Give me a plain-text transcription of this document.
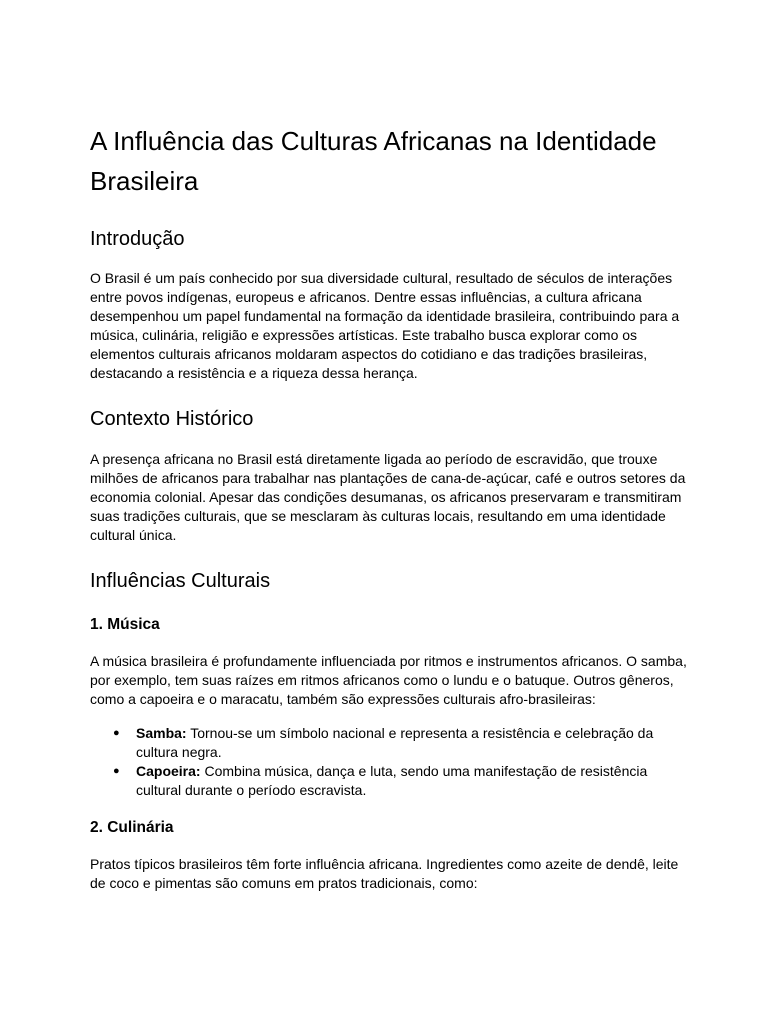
A Influência das Culturas Africanas na Identidade Brasileira
Introdução

O Brasil é um país conhecido por sua diversidade cultural, resultado de séculos de interações entre povos indígenas, europeus e africanos. Dentre essas influências, a cultura africana desempenhou um papel fundamental na formação da identidade brasileira, contribuindo para a música, culinária, religião e expressões artísticas. Este trabalho busca explorar como os elementos culturais africanos moldaram aspectos do cotidiano e das tradições brasileiras, destacando a resistência e a riqueza dessa herança.

Contexto Histórico

A presença africana no Brasil está diretamente ligada ao período de escravidão, que trouxe milhões de africanos para trabalhar nas plantações de cana-de-açúcar, café e outros setores da economia colonial. Apesar das condições desumanas, os africanos preservaram e transmitiram suas tradições culturais, que se mesclaram às culturas locais, resultando em uma identidade cultural única.

Influências Culturais
1. Música

A música brasileira é profundamente influenciada por ritmos e instrumentos africanos. O samba, por exemplo, tem suas raízes em ritmos africanos como o lundu e o batuque. Outros gêneros, como a capoeira e o maracatu, também são expressões culturais afro-brasileiras:

● Samba: Tornou-se um símbolo nacional e representa a resistência e celebração da cultura negra.
● Capoeira: Combina música, dança e luta, sendo uma manifestação de resistência cultural durante o período escravista.
2. Culinária

Pratos típicos brasileiros têm forte influência africana. Ingredientes como azeite de dendê, leite de coco e pimentas são comuns em pratos tradicionais, como:
